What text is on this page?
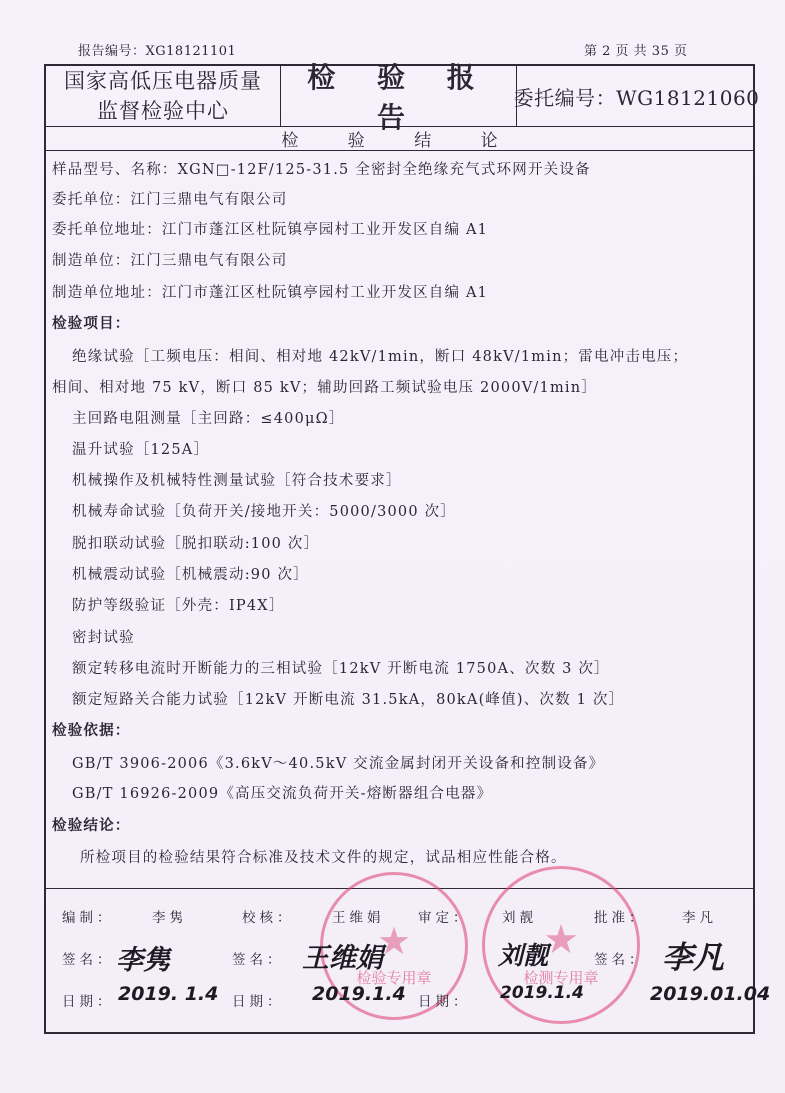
报告编号：XG18121101	第 2 页 共 35 页
国家高低压电器质量
监督检验中心
检 验 报 告
委托编号：WG18121060
检 验 结 论
样品型号、名称：XGN□-12F/125-31.5 全密封全绝缘充气式环网开关设备
委托单位：江门三鼎电气有限公司
委托单位地址：江门市蓬江区杜阮镇亭园村工业开发区自编 A1
制造单位：江门三鼎电气有限公司
制造单位地址：江门市蓬江区杜阮镇亭园村工业开发区自编 A1
检验项目：
绝缘试验［工频电压：相间、相对地 42kV/1min，断口 48kV/1min；雷电冲击电压；
相间、相对地 75 kV，断口 85 kV；辅助回路工频试验电压 2000V/1min］
主回路电阻测量［主回路：≤400μΩ］
温升试验［125A］
机械操作及机械特性测量试验［符合技术要求］
机械寿命试验［负荷开关/接地开关：5000/3000 次］
脱扣联动试验［脱扣联动:100 次］
机械震动试验［机械震动:90 次］
防护等级验证［外壳：IP4X］
密封试验
额定转移电流时开断能力的三相试验［12kV 开断电流 1750A、次数 3 次］
额定短路关合能力试验［12kV 开断电流 31.5kA，80kA(峰值)、次数 1 次］
检验依据：
GB/T 3906-2006《3.6kV～40.5kV 交流金属封闭开关设备和控制设备》
GB/T 16926-2009《高压交流负荷开关-熔断器组合电器》
检验结论：
所检项目的检验结果符合标准及技术文件的规定，试品相应性能合格。
检验专用章
★
检测专用章
★
编制：	李隽	校核：	王维娟 审定： 刘靓	批准：	李凡
签名： 李隽	签名： 王维娟	刘靓	签名： 李凡
日期： 2019. 1.4 日期： 2019.1.4 日期： 2019.1.4	2019.01.04
